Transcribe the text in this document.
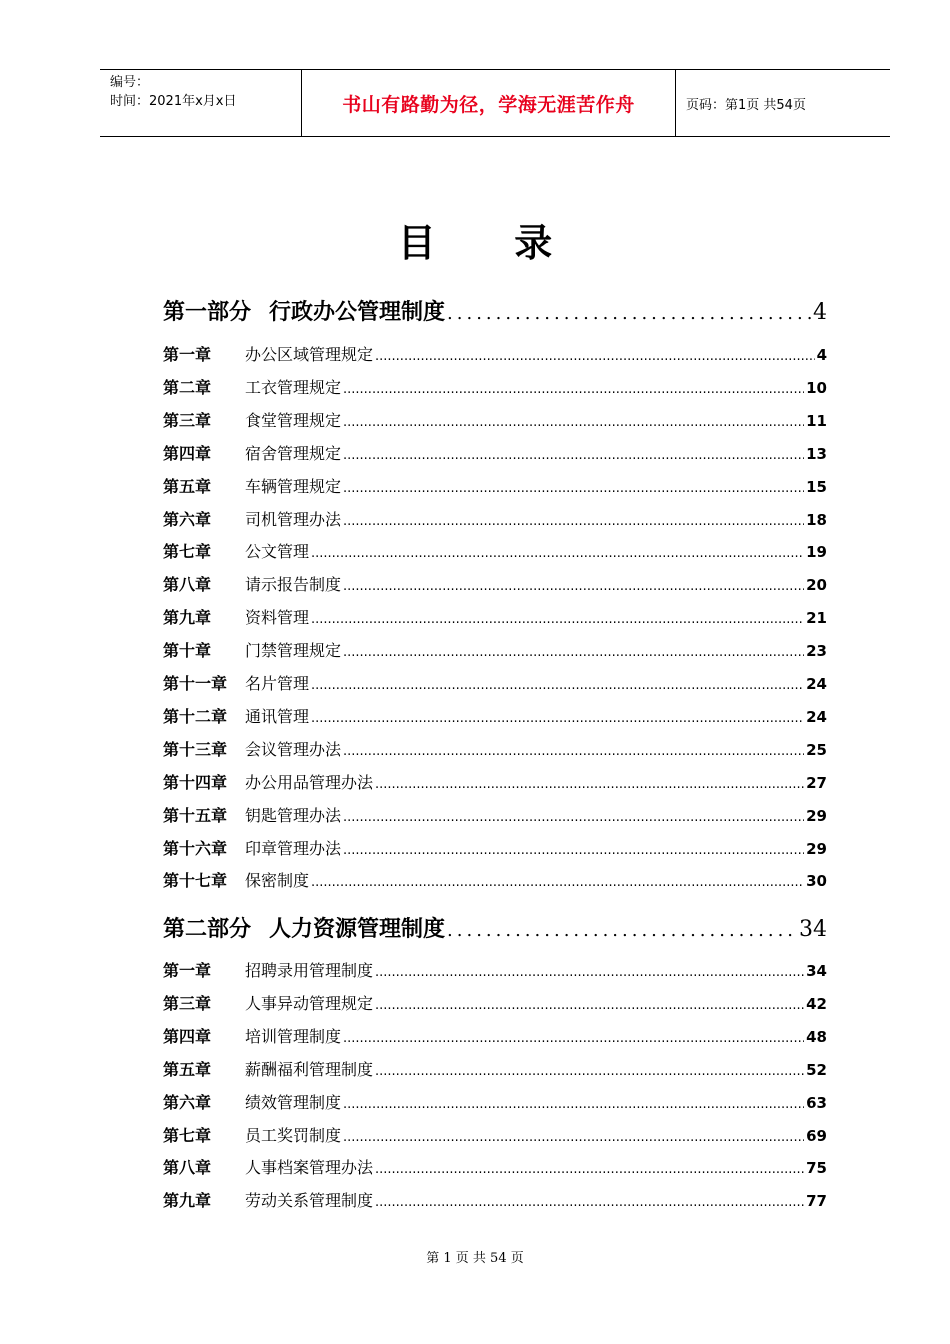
编号：
时间：2021年x月x日	书山有路勤为径，学海无涯苦作舟	页码：第1页 共54页
目 录
第一部分 行政办公管理制度 .....	4
第一章	办公区域管理规定 .....	4
第二章	工衣管理规定 .....	10
第三章	食堂管理规定 .....	11
第四章	宿舍管理规定 .....	13
第五章	车辆管理规定 .....	15
第六章	司机管理办法 .....	18
第七章	公文管理 .....	19
第八章	请示报告制度 .....	20
第九章	资料管理 .....	21
第十章	门禁管理规定 .....	23
第十一章	名片管理 .....	24
第十二章	通讯管理 .....	24
第十三章	会议管理办法 .....	25
第十四章	办公用品管理办法 .....	27
第十五章	钥匙管理办法 .....	29
第十六章	印章管理办法 .....	29
第十七章	保密制度 .....	30
第二部分 人力资源管理制度 .....	34
第一章	招聘录用管理制度 .....	34
第三章	人事异动管理规定 .....	42
第四章	培训管理制度 .....	48
第五章	薪酬福利管理制度 .....	52
第六章	绩效管理制度 .....	63
第七章	员工奖罚制度 .....	69
第八章	人事档案管理办法 .....	75
第九章	劳动关系管理制度 .....	77
第 1 页 共 54 页
